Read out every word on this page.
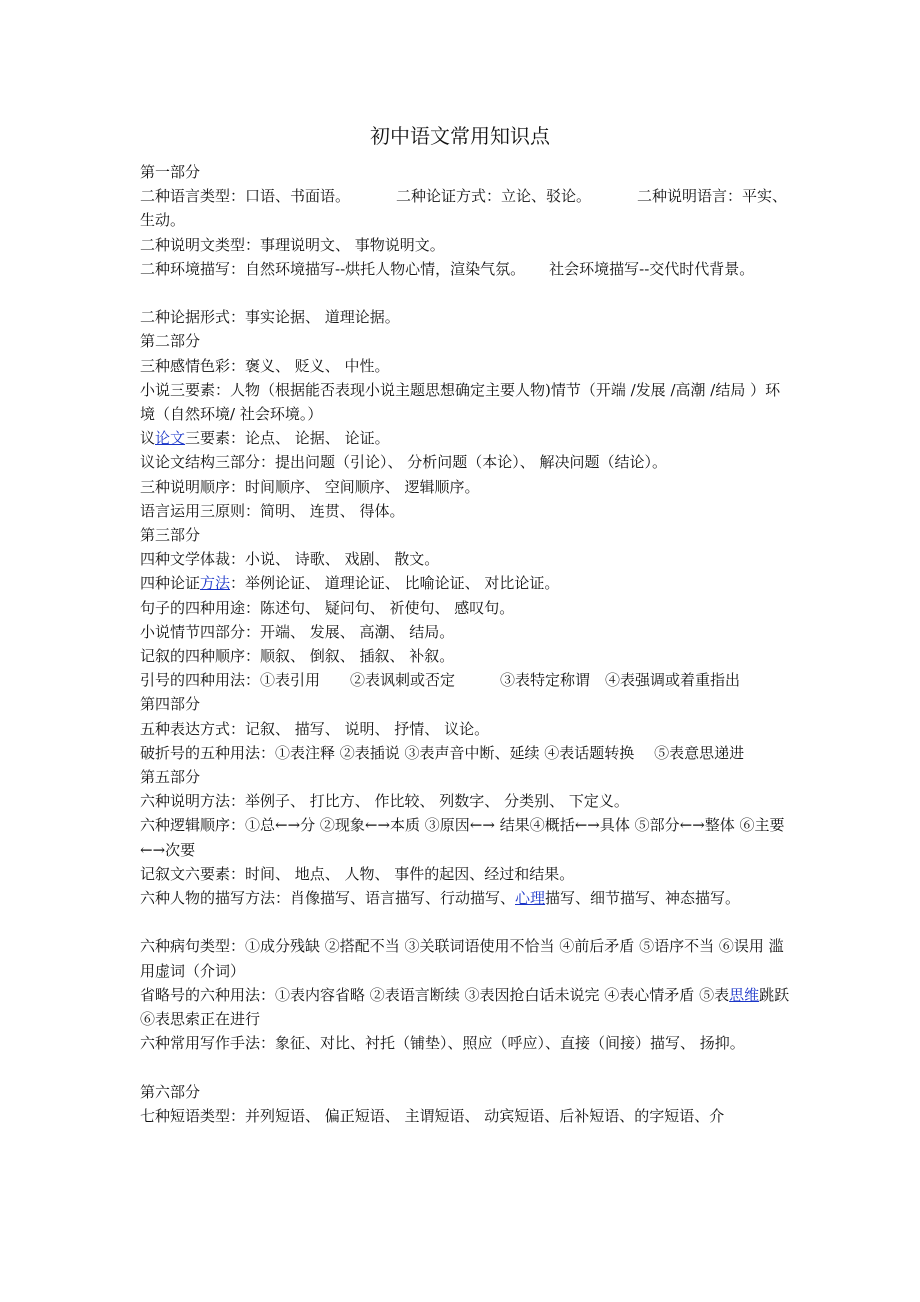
初中语文常用知识点

第一部分

二种语言类型：口语、书面语。	二种论证方式：立论、驳论。	二种说明语言：平实、生动。

二种说明文类型：事理说明文、 事物说明文。

二种环境描写：自然环境描写--烘托人物心情，渲染气氛。 社会环境描写--交代时代背景。

二种论据形式：事实论据、 道理论据。

第二部分

三种感情色彩：褒义、 贬义、 中性。

小说三要素：人物（根据能否表现小说主题思想确定主要人物)情节（开端 /发展 /高潮 /结局 ）环境（自然环境/ 社会环境。）

议论文三要素：论点、 论据、 论证。

议论文结构三部分：提出问题（引论）、 分析问题（本论）、 解决问题（结论）。

三种说明顺序：时间顺序、 空间顺序、 逻辑顺序。

语言运用三原则：简明、 连贯、 得体。

第三部分

四种文学体裁：小说、 诗歌、 戏剧、 散文。

四种论证方法：举例论证、 道理论证、 比喻论证、 对比论证。

句子的四种用途：陈述句、 疑问句、 祈使句、 感叹句。

小说情节四部分：开端、 发展、 高潮、 结局。

记叙的四种顺序：顺叙、 倒叙、 插叙、 补叙。

引号的四种用法：①表引用　　②表讽刺或否定　　　③表特定称谓　④表强调或着重指出

第四部分

五种表达方式：记叙、 描写、 说明、 抒情、 议论。

破折号的五种用法：①表注释 ②表插说 ③表声音中断、延续 ④表话题转换　 ⑤表意思递进

第五部分

六种说明方法：举例子、 打比方、 作比较、 列数字、 分类别、 下定义。

六种逻辑顺序：①总←→分 ②现象←→本质 ③原因←→ 结果④概括←→具体 ⑤部分←→整体 ⑥主要←→次要

记叙文六要素：时间、 地点、 人物、 事件的起因、经过和结果。

六种人物的描写方法：肖像描写、语言描写、行动描写、心理描写、细节描写、神态描写。

六种病句类型：①成分残缺 ②搭配不当 ③关联词语使用不恰当 ④前后矛盾 ⑤语序不当 ⑥误用 滥用虚词（介词）

省略号的六种用法：①表内容省略 ②表语言断续 ③表因抢白话未说完 ④表心情矛盾 ⑤表思维跳跃 ⑥表思索正在进行

六种常用写作手法：象征、对比、衬托（铺垫）、照应（呼应）、直接（间接）描写、 扬抑。

第六部分

七种短语类型：并列短语、 偏正短语、 主谓短语、 动宾短语、后补短语、的字短语、介
